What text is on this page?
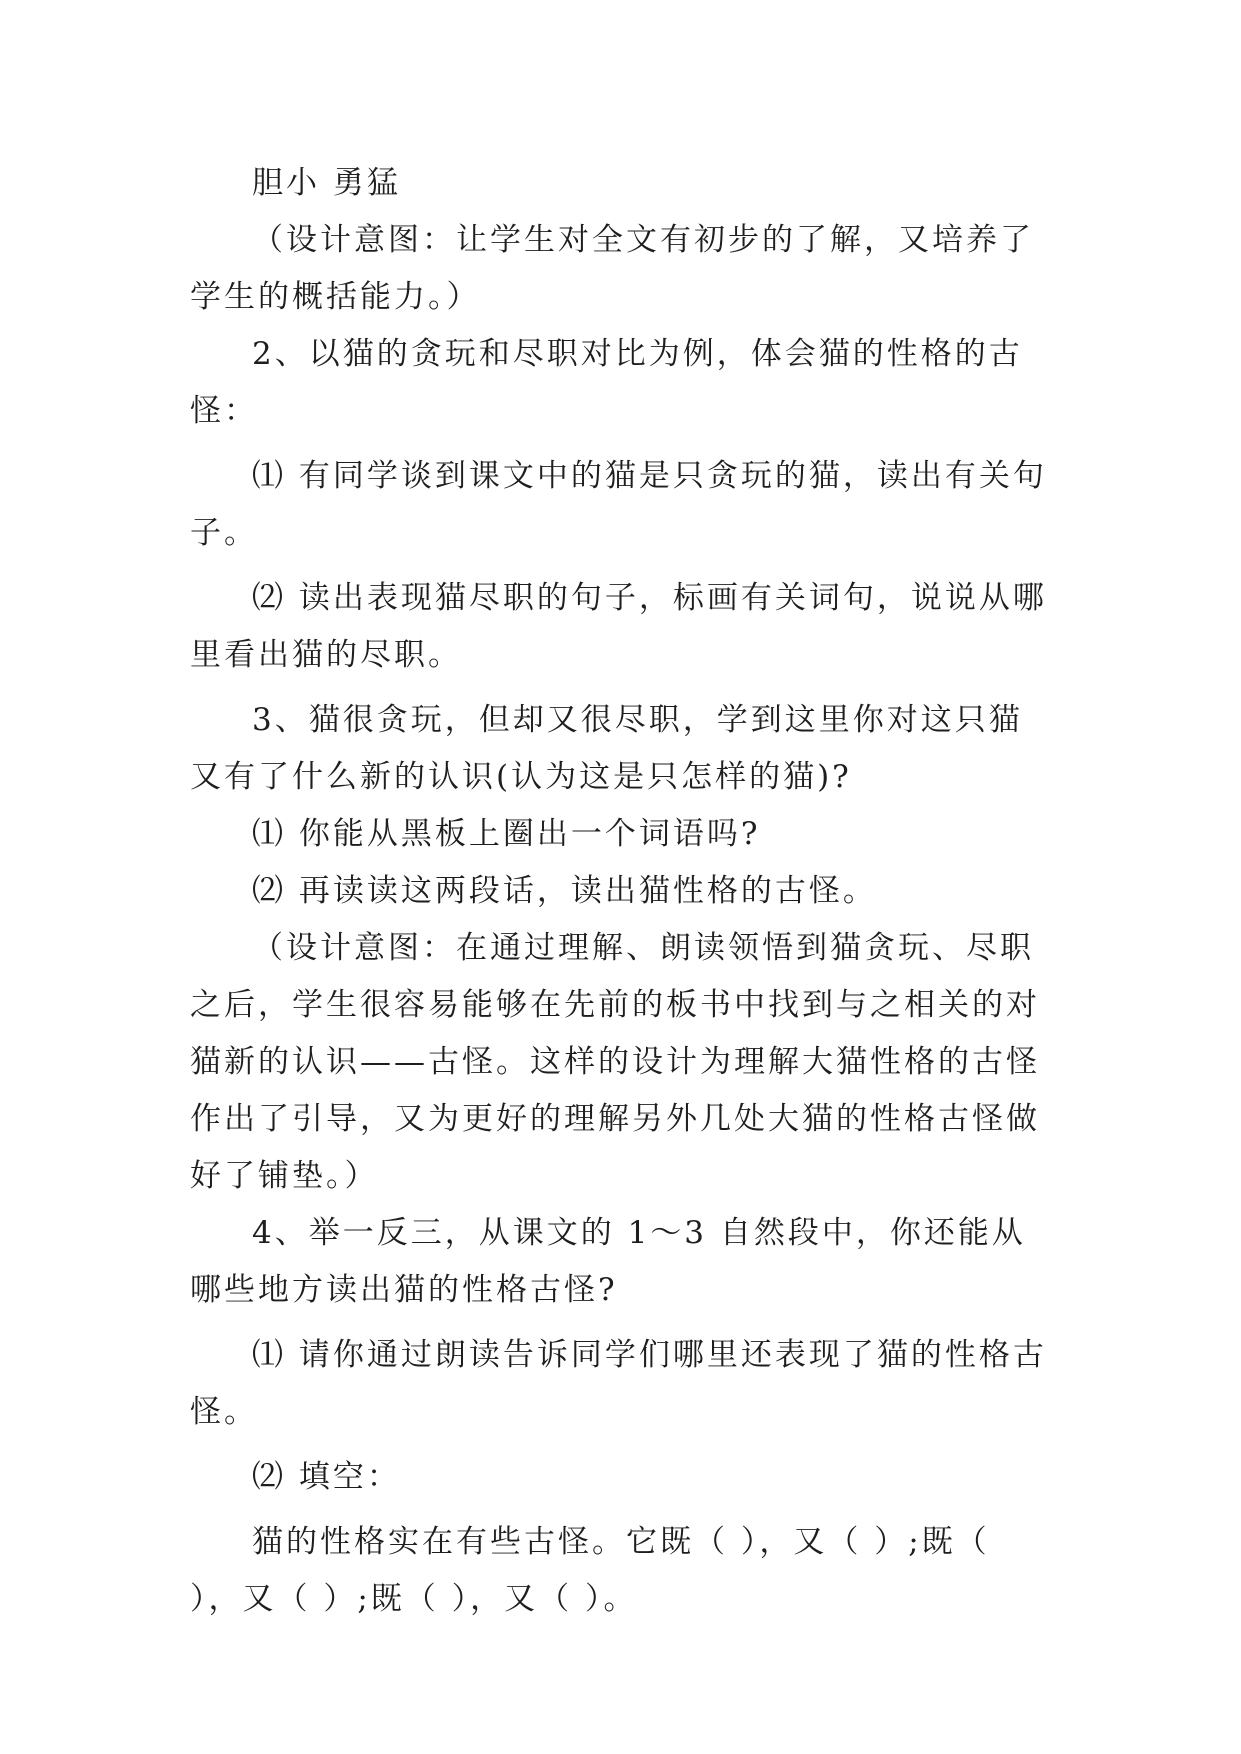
胆小 勇猛

（设计意图：让学生对全文有初步的了解，又培养了学生的概括能力。）

2、以猫的贪玩和尽职对比为例，体会猫的性格的古怪：

⑴ 有同学谈到课文中的猫是只贪玩的猫，读出有关句子。

⑵ 读出表现猫尽职的句子，标画有关词句，说说从哪里看出猫的尽职。

3、猫很贪玩，但却又很尽职，学到这里你对这只猫又有了什么新的认识(认为这是只怎样的猫)?

⑴ 你能从黑板上圈出一个词语吗?

⑵ 再读读这两段话，读出猫性格的古怪。

（设计意图：在通过理解、朗读领悟到猫贪玩、尽职之后，学生很容易能够在先前的板书中找到与之相关的对猫新的认识——古怪。这样的设计为理解大猫性格的古怪作出了引导，又为更好的理解另外几处大猫的性格古怪做好了铺垫。）

4、举一反三，从课文的 1～3 自然段中，你还能从哪些地方读出猫的性格古怪?

⑴ 请你通过朗读告诉同学们哪里还表现了猫的性格古怪。

⑵ 填空：

猫的性格实在有些古怪。它既（ ），又（ ）;既（ ），又（ ）;既（ ），又（ ）。
